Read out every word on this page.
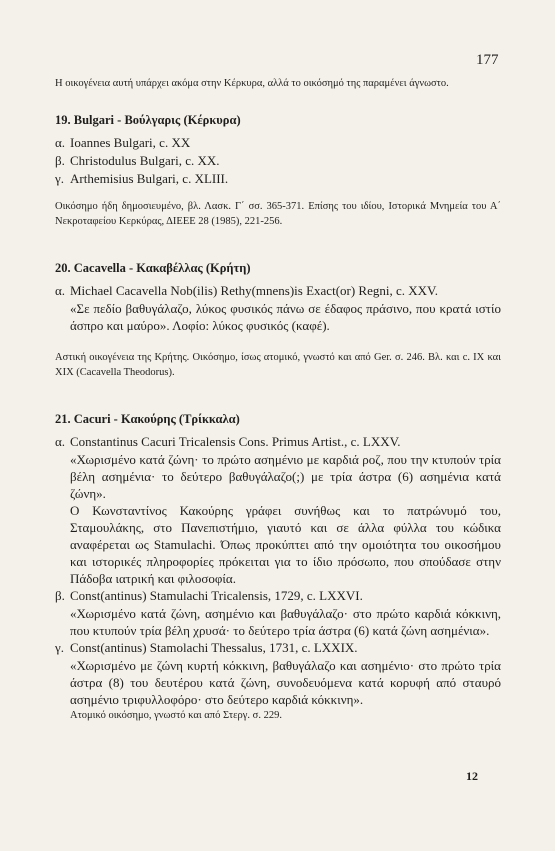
177

Η οικογένεια αυτή υπάρχει ακόμα στην Κέρκυρα, αλλά το οικόσημό της παραμένει άγνωστο.

19. Bulgari - Βούλγαρις (Κέρκυρα)
α. Ioannes Bulgari, c. XX
β. Christodulus Bulgari, c. XX.
γ. Arthemisius Bulgari, c. XLIII.

Οικόσημο ήδη δημοσιευμένο, βλ. Λασκ. Γ΄ σσ. 365-371. Επίσης του ιδίου, Ιστορικά Μνημεία του Α΄ Νεκροταφείου Κερκύρας, ΔΙΕΕΕ 28 (1985), 221-256.

20. Cacavella - Κακαβέλλας (Κρήτη)
α. Michael Cacavella Nob(ilis) Rethy(mnens)is Exact(or) Regni, c. XXV.
«Σε πεδίο βαθυγάλαζο, λύκος φυσικός πάνω σε έδαφος πράσινο, που κρατά ιστίο άσπρο και μαύρο». Λοφίο: λύκος φυσικός (καφέ).

Αστική οικογένεια της Κρήτης. Οικόσημο, ίσως ατομικό, γνωστό και από Ger. σ. 246. Βλ. και c. IX και XIX (Cacavella Theodorus).

21. Cacuri - Κακούρης (Τρίκκαλα)
α. Constantinus Cacuri Tricalensis Cons. Primus Artist., c. LXXV.
«Χωρισμένο κατά ζώνη· το πρώτο ασημένιο με καρδιά ροζ, που την κτυπούν τρία βέλη ασημένια· το δεύτερο βαθυγάλαζο(;) με τρία άστρα (6) ασημένια κατά ζώνη».
Ο Κωνσταντίνος Κακούρης γράφει συνήθως και το πατρώνυμό του, Σταμουλάκης, στο Πανεπιστήμιο, γιαυτό και σε άλλα φύλλα του κώδικα αναφέρεται ως Stamulachi. Όπως προκύπτει από την ομοιότητα του οικοσήμου και ιστορικές πληροφορίες πρόκειται για το ίδιο πρόσωπο, που σπούδασε στην Πάδοβα ιατρική και φιλοσοφία.
β. Const(antinus) Stamulachi Tricalensis, 1729, c. LXXVI.
«Χωρισμένο κατά ζώνη, ασημένιο και βαθυγάλαζο· στο πρώτο καρδιά κόκκινη, που κτυπούν τρία βέλη χρυσά· το δεύτερο τρία άστρα (6) κατά ζώνη ασημένια».
γ. Const(antinus) Stamolachi Thessalus, 1731, c. LXXIX.
«Χωρισμένο με ζώνη κυρτή κόκκινη, βαθυγάλαζο και ασημένιο· στο πρώτο τρία άστρα (8) του δευτέρου κατά ζώνη, συνοδευόμενα κατά κορυφή από σταυρό ασημένιο τριφυλλοφόρο· στο δεύτερο καρδιά κόκκινη».
Ατομικό οικόσημο, γνωστό και από Στεργ. σ. 229.
12
